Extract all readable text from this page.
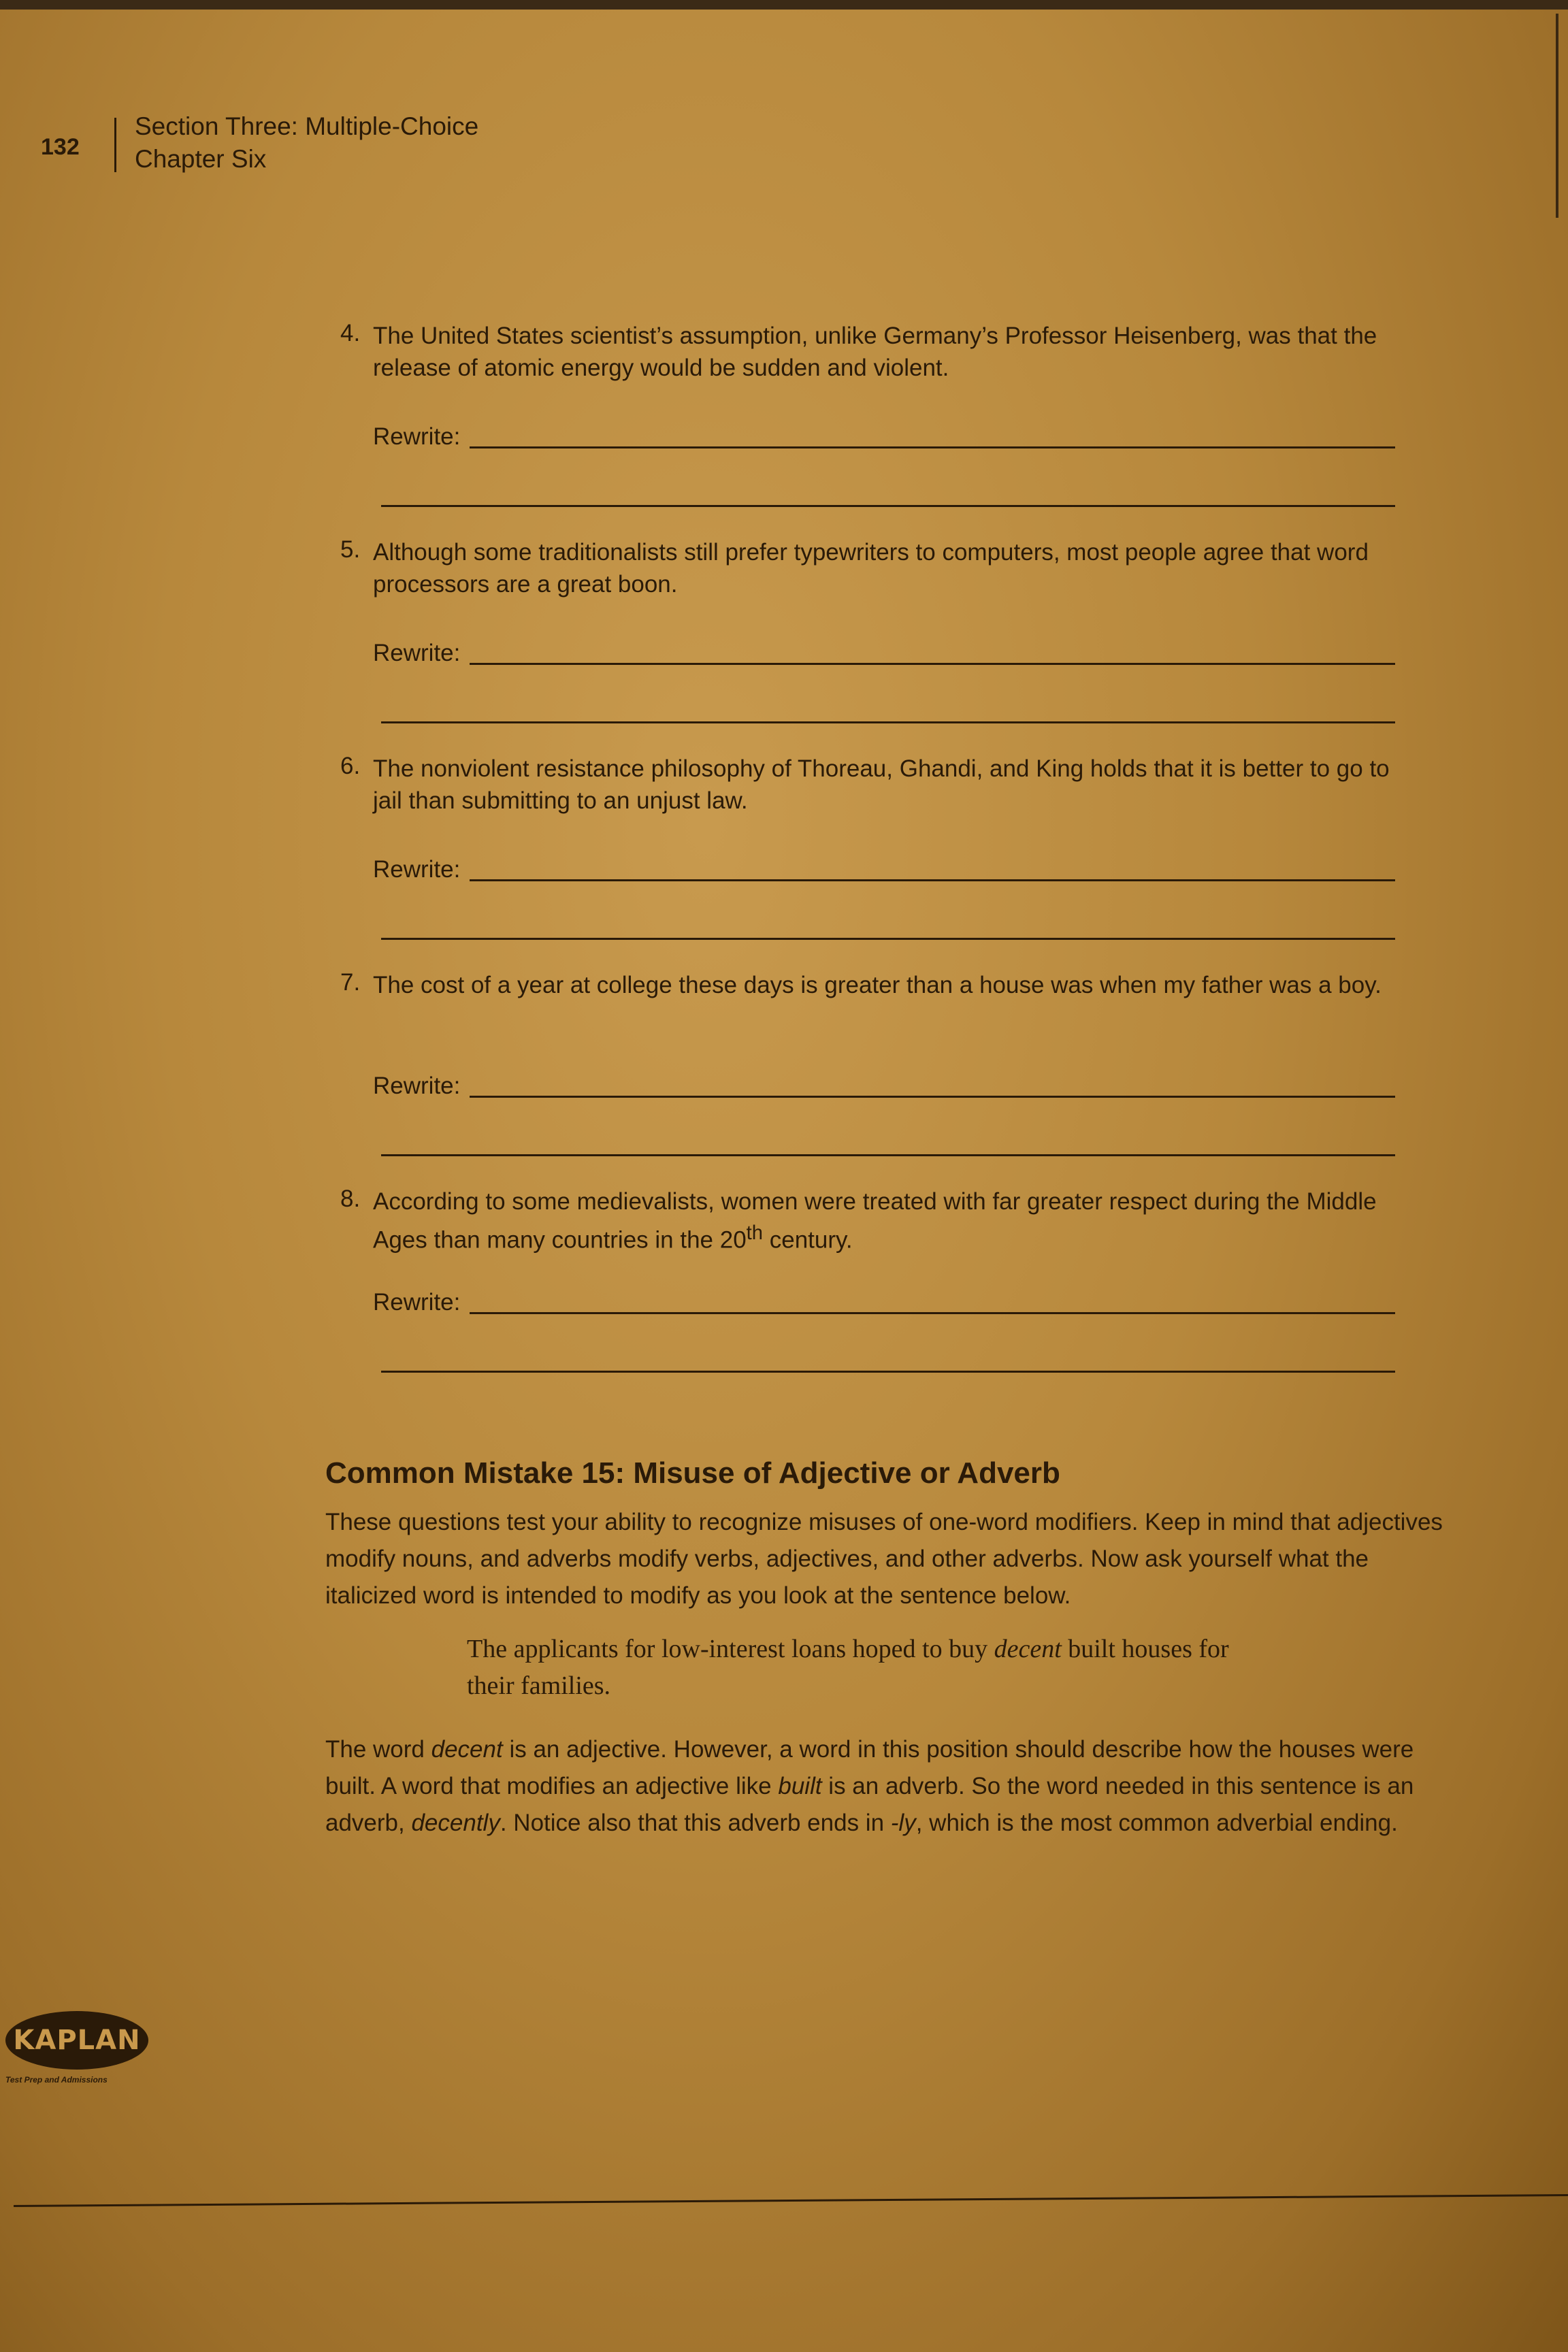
132
Section Three: Multiple-Choice
Chapter Six
4. The United States scientist’s assumption, unlike Germany’s Professor Heisenberg, was that the release of atomic energy would be sudden and violent.
Rewrite:
5. Although some traditionalists still prefer typewriters to computers, most people agree that word processors are a great boon.
Rewrite:
6. The nonviolent resistance philosophy of Thoreau, Ghandi, and King holds that it is better to go to jail than submitting to an unjust law.
Rewrite:
7. The cost of a year at college these days is greater than a house was when my father was a boy.
Rewrite:
8. According to some medievalists, women were treated with far greater respect during the Middle Ages than many countries in the 20th century.
Rewrite:
Common Mistake 15: Misuse of Adjective or Adverb

These questions test your ability to recognize misuses of one-word modifiers. Keep in mind that adjectives modify nouns, and adverbs modify verbs, adjectives, and other adverbs. Now ask yourself what the italicized word is intended to modify as you look at the sentence below.

The applicants for low-interest loans hoped to buy decent built houses for their families.

The word decent is an adjective. However, a word in this position should describe how the houses were built. A word that modifies an adjective like built is an adverb. So the word needed in this sentence is an adverb, decently. Notice also that this adverb ends in -ly, which is the most common adverbial ending.

KAPLAN
Test Prep and Admissions
